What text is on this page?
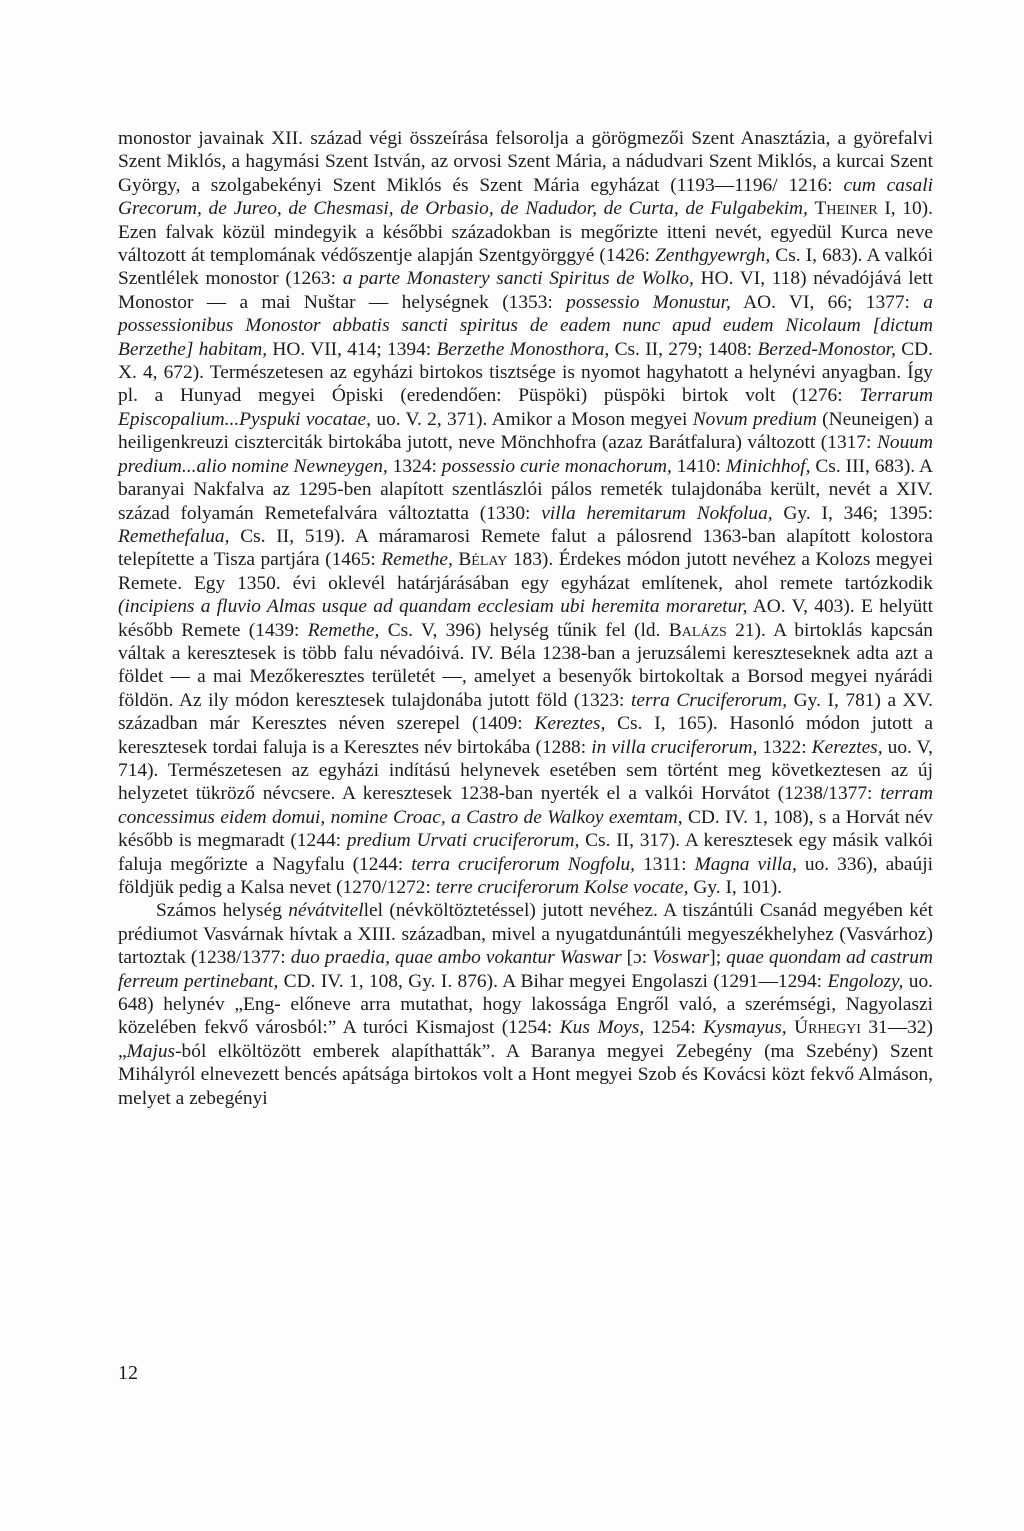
monostor javainak XII. század végi összeírása felsorolja a görögmezői Szent Anasztázia, a györefalvi Szent Miklós, a hagymási Szent István, az orvosi Szent Mária, a nádudvari Szent Miklós, a kurcai Szent György, a szolgabekényi Szent Miklós és Szent Mária egyházat (1193—1196/ 1216: cum casali Grecorum, de Jureo, de Chesmasi, de Orbasio, de Nadudor, de Curta, de Fulgabekim, Theiner I, 10). Ezen falvak közül mindegyik a későbbi századokban is megőrizte itteni nevét, egyedül Kurca neve változott át templomának védőszentje alapján Szentgyörggyé (1426: Zenthgyewrgh, Cs. I, 683). A valkói Szentlélek monostor (1263: a parte Monastery sancti Spiritus de Wolko, HO. VI, 118) névadójává lett Monostor — a mai Nuštar — helységnek (1353: possessio Monustur, AO. VI, 66; 1377: a possessionibus Monostor abbatis sancti spiritus de eadem nunc apud eudem Nicolaum [dictum Berzethe] habitam, HO. VII, 414; 1394: Berzethe Monosthora, Cs. II, 279; 1408: Berzed-Monostor, CD. X. 4, 672). Természetesen az egyházi birtokos tisztsége is nyomot hagyhatott a helynévi anyagban. Így pl. a Hunyad megyei Ópiski (eredendően: Püspöki) püspöki birtok volt (1276: Terrarum Episcopalium...Pyspuki vocatae, uo. V. 2, 371). Amikor a Moson megyei Novum predium (Neuneigen) a heiligenkreuzi ciszterciták birtokába jutott, neve Mönchhofra (azaz Barátfalura) változott (1317: Nouum predium...alio nomine Newneygen, 1324: possessio curie monachorum, 1410: Minichhof, Cs. III, 683). A baranyai Nakfalva az 1295-ben alapított szentlászlói pálos remeték tulajdonába került, nevét a XIV. század folyamán Remetefalvára változtatta (1330: villa heremitarum Nokfolua, Gy. I, 346; 1395: Remethefalua, Cs. II, 519). A máramarosi Remete falut a pálosrend 1363-ban alapított kolostora telepítette a Tisza partjára (1465: Remethe, Bélay 183). Érdekes módon jutott nevéhez a Kolozs megyei Remete. Egy 1350. évi oklevél határjárásában egy egyházat említenek, ahol remete tartózkodik (incipiens a fluvio Almas usque ad quandam ecclesiam ubi heremita moraretur, AO. V, 403). E helyütt később Remete (1439: Remethe, Cs. V, 396) helység tűnik fel (ld. Balázs 21). A birtoklás kapcsán váltak a keresztesek is több falu névadóivá. IV. Béla 1238-ban a jeruzsálemi kereszteseknek adta azt a földet — a mai Mezőkeresztes területét —, amelyet a besenyők birtokoltak a Borsod megyei nyárádi földön. Az ily módon keresztesek tulajdonába jutott föld (1323: terra Cruciferorum, Gy. I, 781) a XV. században már Keresztes néven szerepel (1409: Kereztes, Cs. I, 165). Hasonló módon jutott a keresztesek tordai faluja is a Keresztes név birtokába (1288: in villa cruciferorum, 1322: Kereztes, uo. V, 714). Természetesen az egyházi indítású helynevek esetében sem történt meg következtesen az új helyzetet tükröző névcsere. A keresztesek 1238-ban nyerték el a valkói Horvátot (1238/1377: terram concessimus eidem domui, nomine Croac, a Castro de Walkoy exemtam, CD. IV. 1, 108), s a Horvát név később is megmaradt (1244: predium Urvati cruciferorum, Cs. II, 317). A keresztesek egy másik valkói faluja megőrizte a Nagyfalu (1244: terra cruciferorum Nogfolu, 1311: Magna villa, uo. 336), abaúji földjük pedig a Kalsa nevet (1270/1272: terre cruciferorum Kolse vocate, Gy. I, 101).

Számos helység névátvitellel (névköltöztetéssel) jutott nevéhez. A tiszántúli Csanád megyében két prédiumot Vasvárnak hívtak a XIII. században, mivel a nyugatdunántúli megyeszékhelyhez (Vasvárhoz) tartoztak (1238/1377: duo praedia, quae ambo vokantur Waswar [ɔ: Voswar]; quae quondam ad castrum ferreum pertinebant, CD. IV. 1, 108, Gy. I. 876). A Bihar megyei Engolaszi (1291—1294: Engolozy, uo. 648) helynév „Eng- előneve arra mutathat, hogy lakossága Engről való, a szerémségi, Nagyolaszi közelében fekvő városból:” A turóci Kismajost (1254: Kus Moys, 1254: Kysmayus, Úrhegyi 31—32) „Majus-ból elköltözött emberek alapíthatták”. A Baranya megyei Zebegény (ma Szebény) Szent Mihályról elnevezett bencés apátsága birtokos volt a Hont megyei Szob és Kovácsi közt fekvő Almáson, melyet a zebegényi

12
